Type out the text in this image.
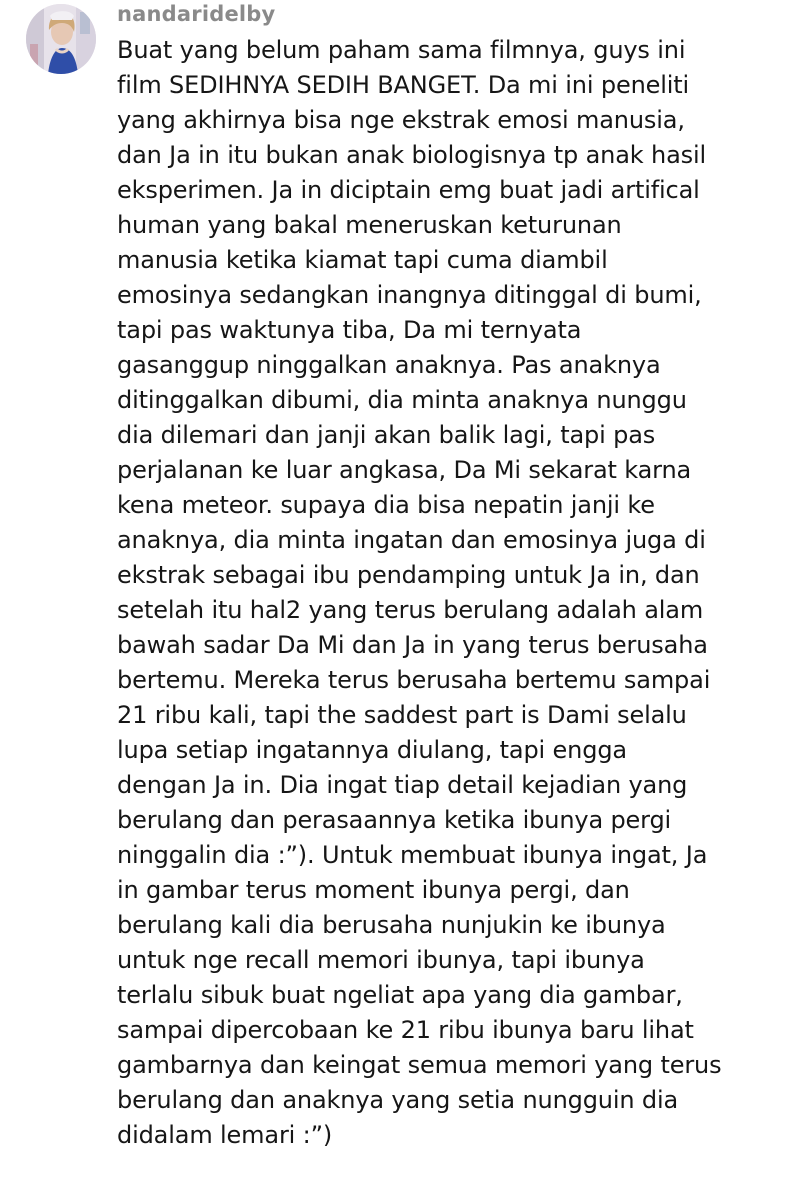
nandaridelby
Buat yang belum paham sama filmnya, guys ini
film SEDIHNYA SEDIH BANGET. Da mi ini peneliti
yang akhirnya bisa nge ekstrak emosi manusia,
dan Ja in itu bukan anak biologisnya tp anak hasil
eksperimen. Ja in diciptain emg buat jadi artifical
human yang bakal meneruskan keturunan
manusia ketika kiamat tapi cuma diambil
emosinya sedangkan inangnya ditinggal di bumi,
tapi pas waktunya tiba, Da mi ternyata
gasanggup ninggalkan anaknya. Pas anaknya
ditinggalkan dibumi, dia minta anaknya nunggu
dia dilemari dan janji akan balik lagi, tapi pas
perjalanan ke luar angkasa, Da Mi sekarat karna
kena meteor. supaya dia bisa nepatin janji ke
anaknya, dia minta ingatan dan emosinya juga di
ekstrak sebagai ibu pendamping untuk Ja in, dan
setelah itu hal2 yang terus berulang adalah alam
bawah sadar Da Mi dan Ja in yang terus berusaha
bertemu. Mereka terus berusaha bertemu sampai
21 ribu kali, tapi the saddest part is Dami selalu
lupa setiap ingatannya diulang, tapi engga
dengan Ja in. Dia ingat tiap detail kejadian yang
berulang dan perasaannya ketika ibunya pergi
ninggalin dia :”). Untuk membuat ibunya ingat, Ja
in gambar terus moment ibunya pergi, dan
berulang kali dia berusaha nunjukin ke ibunya
untuk nge recall memori ibunya, tapi ibunya
terlalu sibuk buat ngeliat apa yang dia gambar,
sampai dipercobaan ke 21 ribu ibunya baru lihat
gambarnya dan keingat semua memori yang terus
berulang dan anaknya yang setia nungguin dia
didalam lemari :”)
